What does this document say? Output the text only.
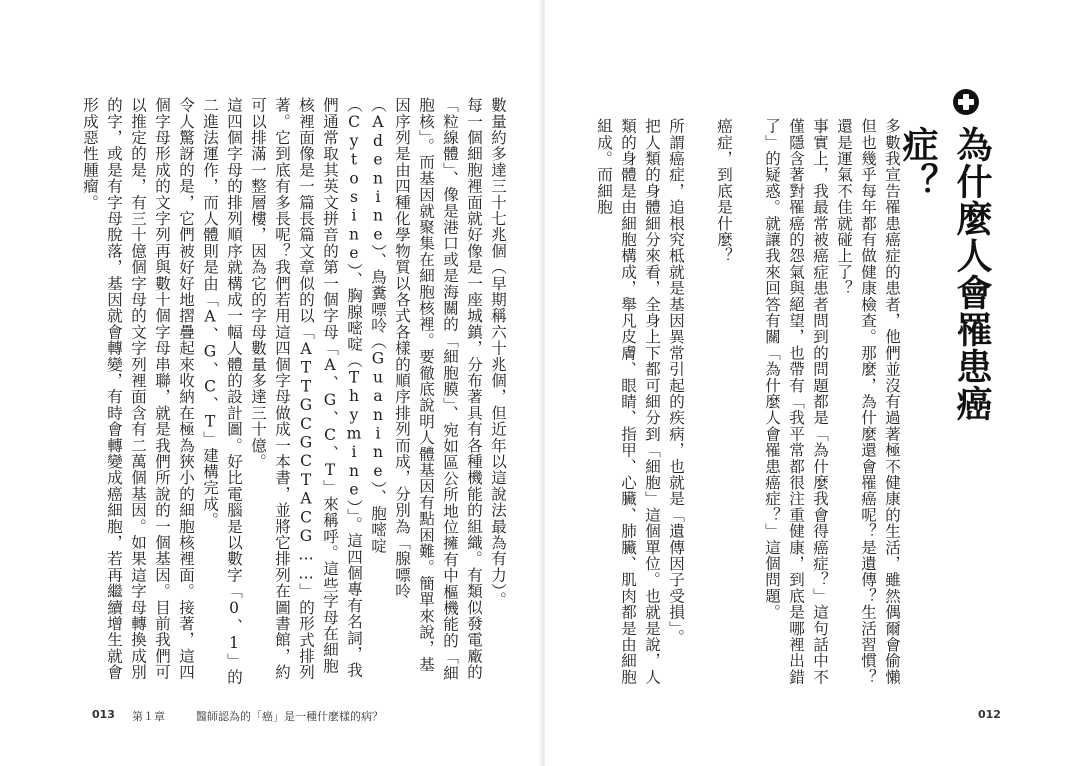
數量約多達三十七兆個（早期稱六十兆個，但近年以這說法最為有力）。

每一個細胞裡面就好像是一座城鎮，分布著具有各種機能的組織。有類似發電廠的「粒線體」、像是港口或是海關的「細胞膜」、宛如區公所地位擁有中樞機能的「細胞核」。而基因就聚集在細胞核裡。要徹底說明人體基因有點困難。簡單來說，基因序列是由四種化學物質以各式各樣的順序排列而成，分別為「腺嘌呤（Adenine）、鳥糞嘌呤（Guanine）、胞嘧啶（Cytosine）、胸腺嘧啶（Thymine）」。這四個專有名詞，我們通常取其英文拼音的第一個字母「A、G、C、T」來稱呼。這些字母在細胞核裡面像是一篇長篇文章似的以「ATTGCGCTACG……」的形式排列著。它到底有多長呢？我們若用這四個字母做成一本書，並將它排列在圖書館，約可以排滿一整層樓，因為它的字母數量多達三十億。

這四個字母的排列順序就構成一幅人體的設計圖。好比電腦是以數字「0、1」的二進法運作，而人體則是由「A、G、C、T」建構完成。

令人驚訝的是，它們被好好地摺疊起來收納在極為狹小的細胞核裡面。接著，這四個字母形成的文字列再與數十個字母串聯，就是我們所說的一個基因。目前我們可以推定的是，有三十億個字母的文字列裡面含有二萬個基因。如果這字母轉換成別的字，或是有字母脫落，基因就會轉變，有時會轉變成癌細胞，若再繼續增生就會形成惡性腫瘤。

013 第１章	醫師認為的「癌」是一種什麼樣的病？
為什麼人會罹患癌症？

多數我宣告罹患癌症的患者，他們並沒有過著極不健康的生活，雖然偶爾會偷懶但也幾乎每年都有做健康檢查。那麼，為什麼還會罹癌呢？是遺傳？生活習慣？還是運氣不佳就碰上了？

事實上，我最常被癌症患者問到的問題都是「為什麼我會得癌症？」這句話中不僅隱含著對罹癌的怨氣與絕望，也帶有「我平常都很注重健康，到底是哪裡出錯了」的疑惑。就讓我來回答有關「為什麼人會罹患癌症？」這個問題。

癌症，到底是什麼？

所謂癌症，追根究柢就是基因異常引起的疾病，也就是「遺傳因子受損」。

把人類的身體細分來看，全身上下都可細分到「細胞」這個單位。也就是說，人類的身體是由細胞構成，舉凡皮膚、眼睛、指甲、心臟、肺臟、肌肉都是由細胞組成。而細胞

012
